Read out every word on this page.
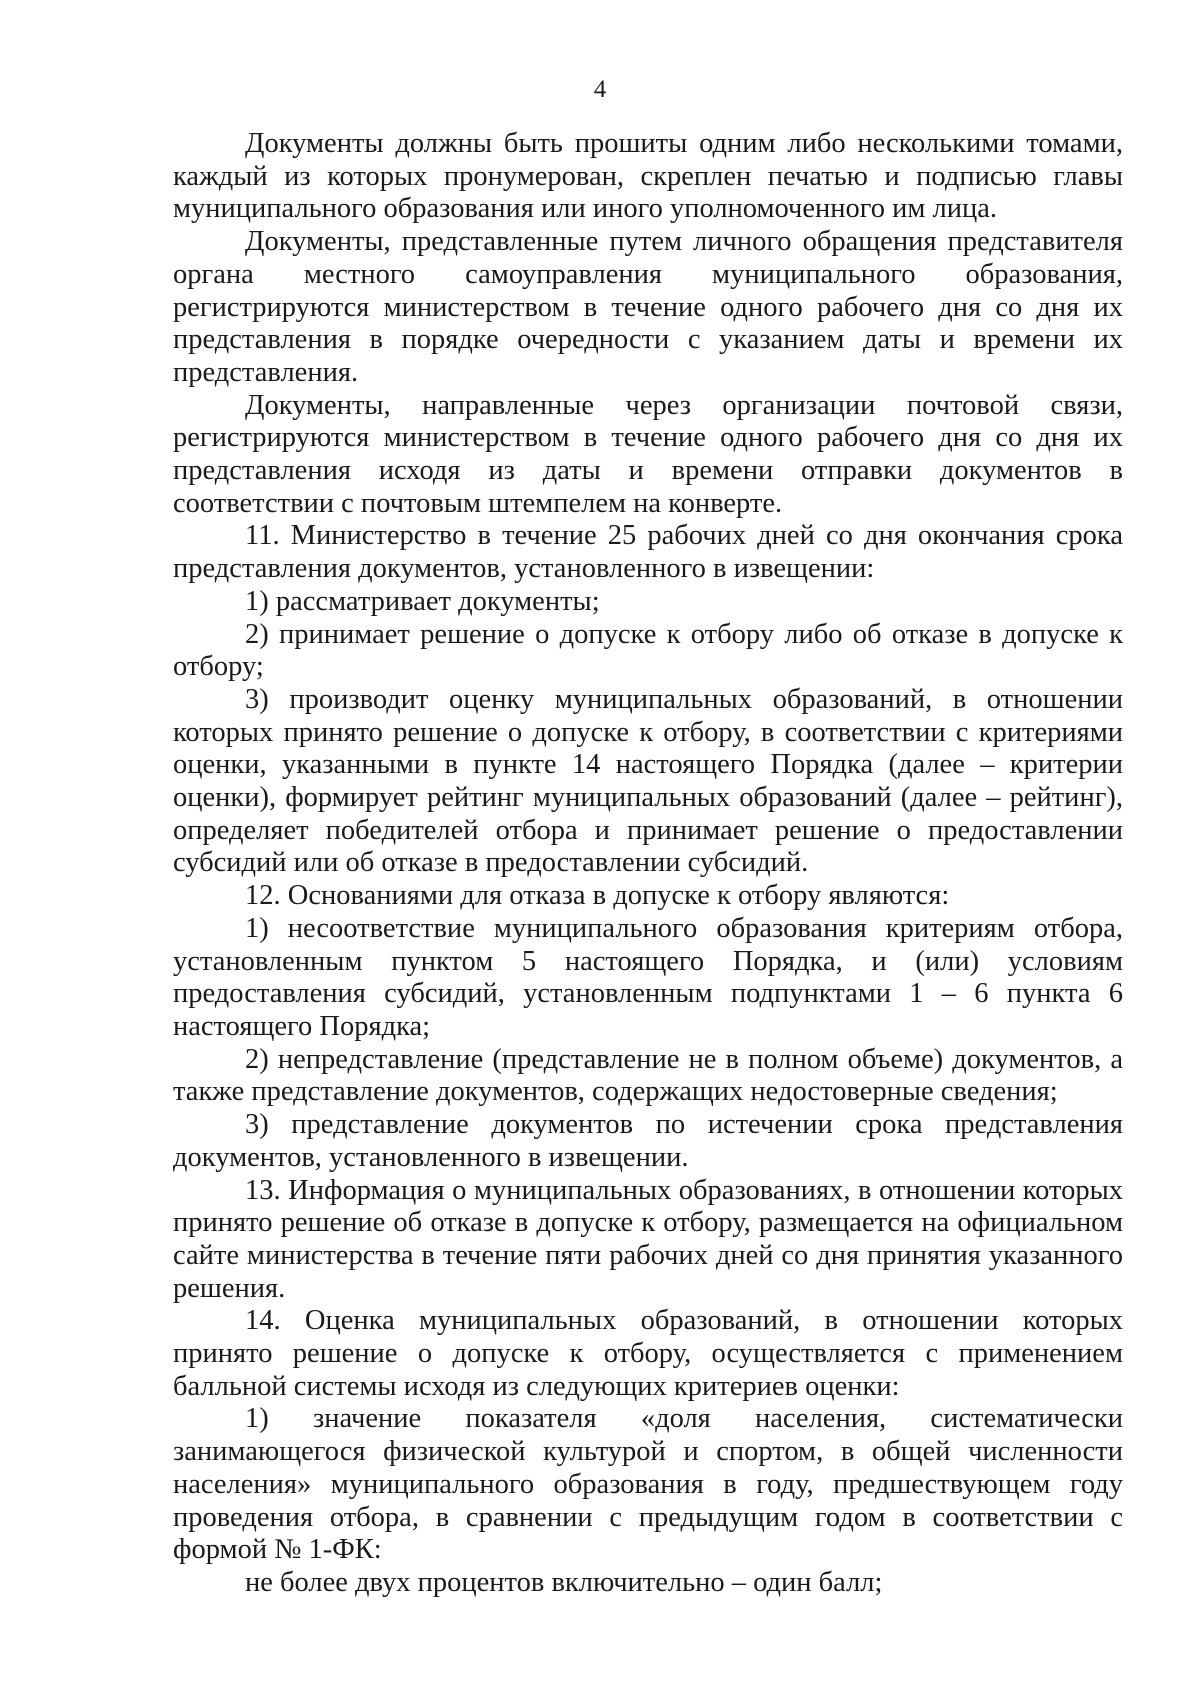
4

Документы должны быть прошиты одним либо несколькими томами, каждый из которых пронумерован, скреплен печатью и подписью главы муниципального образования или иного уполномоченного им лица.

Документы, представленные путем личного обращения представителя органа местного самоуправления муниципального образования, регистрируются министерством в течение одного рабочего дня со дня их представления в порядке очередности с указанием даты и времени их представления.

Документы, направленные через организации почтовой связи, регистрируются министерством в течение одного рабочего дня со дня их представления исходя из даты и времени отправки документов в соответствии с почтовым штемпелем на конверте.

11. Министерство в течение 25 рабочих дней со дня окончания срока представления документов, установленного в извещении:

1) рассматривает документы;

2) принимает решение о допуске к отбору либо об отказе в допуске к отбору;

3) производит оценку муниципальных образований, в отношении которых принято решение о допуске к отбору, в соответствии с критериями оценки, указанными в пункте 14 настоящего Порядка (далее – критерии оценки), формирует рейтинг муниципальных образований (далее – рейтинг), определяет победителей отбора и принимает решение о предоставлении субсидий или об отказе в предоставлении субсидий.

12. Основаниями для отказа в допуске к отбору являются:

1) несоответствие муниципального образования критериям отбора, установленным пунктом 5 настоящего Порядка, и (или) условиям предоставления субсидий, установленным подпунктами 1 – 6 пункта 6 настоящего Порядка;

2) непредставление (представление не в полном объеме) документов, а также представление документов, содержащих недостоверные сведения;

3) представление документов по истечении срока представления документов, установленного в извещении.

13. Информация о муниципальных образованиях, в отношении которых принято решение об отказе в допуске к отбору, размещается на официальном сайте министерства в течение пяти рабочих дней со дня принятия указанного решения.

14. Оценка муниципальных образований, в отношении которых принято решение о допуске к отбору, осуществляется с применением балльной системы исходя из следующих критериев оценки:

1) значение показателя «доля населения, систематически занимающегося физической культурой и спортом, в общей численности населения» муниципального образования в году, предшествующем году проведения отбора, в сравнении с предыдущим годом в соответствии с формой № 1-ФК:

не более двух процентов включительно – один балл;
